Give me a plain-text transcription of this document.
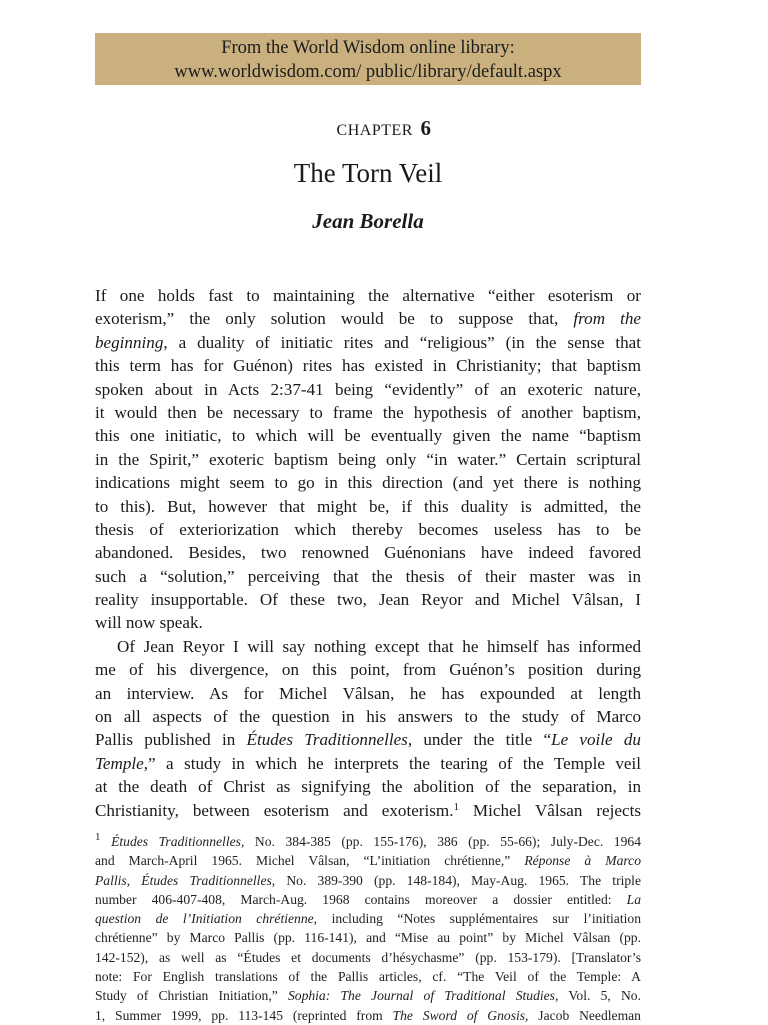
From the World Wisdom online library:
www.worldwisdom.com/ public/library/default.aspx
CHAPTER 6
The Torn Veil
Jean Borella
If one holds fast to maintaining the alternative “either esoterism or
exoterism,” the only solution would be to suppose that, from the
beginning, a duality of initiatic rites and “religious” (in the sense that
this term has for Guénon) rites has existed in Christianity; that baptism
spoken about in Acts 2:37-41 being “evidently” of an exoteric nature,
it would then be necessary to frame the hypothesis of another baptism,
this one initiatic, to which will be eventually given the name “baptism
in the Spirit,” exoteric baptism being only “in water.” Certain scriptural
indications might seem to go in this direction (and yet there is nothing
to this). But, however that might be, if this duality is admitted, the
thesis of exteriorization which thereby becomes useless has to be
abandoned. Besides, two renowned Guénonians have indeed favored
such a “solution,” perceiving that the thesis of their master was in
reality insupportable. Of these two, Jean Reyor and Michel Vâlsan, I
will now speak.
Of Jean Reyor I will say nothing except that he himself has informed
me of his divergence, on this point, from Guénon’s position during
an interview. As for Michel Vâlsan, he has expounded at length
on all aspects of the question in his answers to the study of Marco
Pallis published in Études Traditionnelles, under the title “Le voile du
Temple,” a study in which he interprets the tearing of the Temple veil
at the death of Christ as signifying the abolition of the separation, in
Christianity, between esoterism and exoterism.$^1$ Michel Vâlsan rejects
$^1$ Études Traditionnelles, No. 384-385 (pp. 155-176), 386 (pp. 55-66); July-Dec. 1964
and March-April 1965. Michel Vâlsan, “L’initiation chrétienne,” Réponse à Marco
Pallis, Études Traditionnelles, No. 389-390 (pp. 148-184), May-Aug. 1965. The triple
number 406-407-408, March-Aug. 1968 contains moreover a dossier entitled: La
question de l’Initiation chrétienne, including “Notes supplémentaires sur l’initiation
chrétienne” by Marco Pallis (pp. 116-141), and “Mise au point” by Michel Vâlsan (pp.
142-152), as well as “Études et documents d’hésychasme” (pp. 153-179). [Translator’s
note: For English translations of the Pallis articles, cf. “The Veil of the Temple: A
Study of Christian Initiation,” Sophia: The Journal of Traditional Studies, Vol. 5, No.
1, Summer 1999, pp. 113-145 (reprinted from The Sword of Gnosis, Jacob Needleman
